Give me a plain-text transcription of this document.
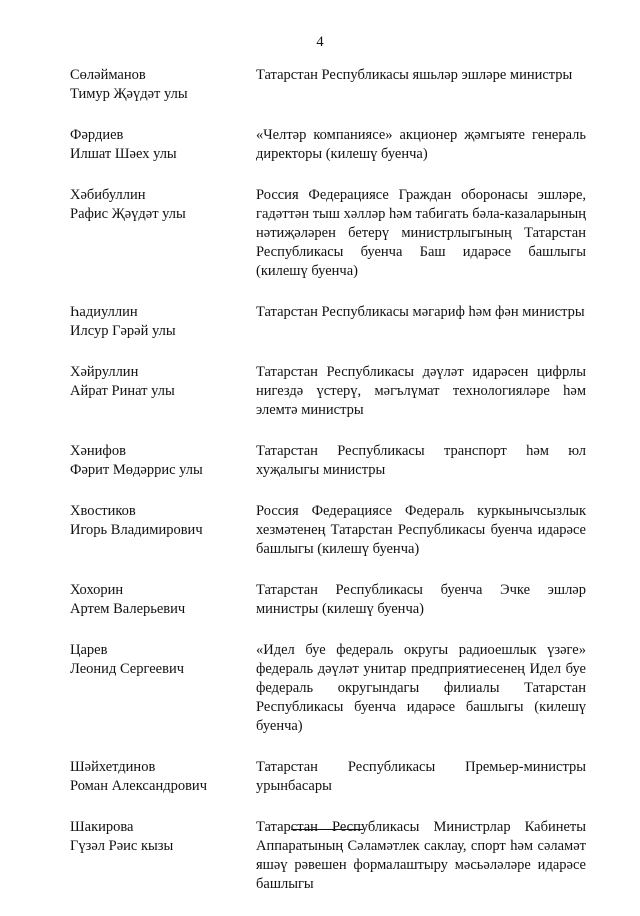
4
Сөләйманов
Тимур Җәүдәт улы
Татарстан Республикасы яшьләр эшләре министры
Фәрдиев
Илшат Шәех улы
«Челтәр компаниясе» акционер җәмгыяте генераль директоры (килешү буенча)
Хәбибуллин
Рафис Җәүдәт улы
Россия Федерациясе Граждан оборонасы эшләре, гадәттән тыш хәлләр һәм табигать бәла-казаларының нәтиҗәләрен бетерү министрлыгының Татарстан Республикасы буенча Баш идарәсе башлыгы (килешү буенча)
Һадиуллин
Илсур Гәрәй улы
Татарстан Республикасы мәгариф һәм фән министры
Хәйруллин
Айрат Ринат улы
Татарстан Республикасы дәүләт идарәсен цифрлы нигездә үстерү, мәгълүмат технологияләре һәм элемтә министры
Хәнифов
Фәрит Мөдәррис улы
Татарстан Республикасы транспорт һәм юл хуҗалыгы министры
Хвостиков
Игорь Владимирович
Россия Федерациясе Федераль куркынычсызлык хезмәтенең Татарстан Республикасы буенча идарәсе башлыгы (килешү буенча)
Хохорин
Артем Валерьевич
Татарстан Республикасы буенча Эчке эшләр министры (килешү буенча)
Царев
Леонид Сергеевич
«Идел буе федераль округы радиоешлык үзәге» федераль дәүләт унитар предприятиесенең Идел буе федераль округындагы филиалы Татарстан Республикасы буенча идарәсе башлыгы (килешү буенча)
Шәйхетдинов
Роман Александрович
Татарстан Республикасы Премьер-министры урынбасары
Шакирова
Гүзәл Рәис кызы
Татарстан Республикасы Министрлар Кабинеты Аппаратының Сәламәтлек саклау, спорт һәм сәламәт яшәү рәвешен формалаштыру мәсьәләләре идарәсе башлыгы
